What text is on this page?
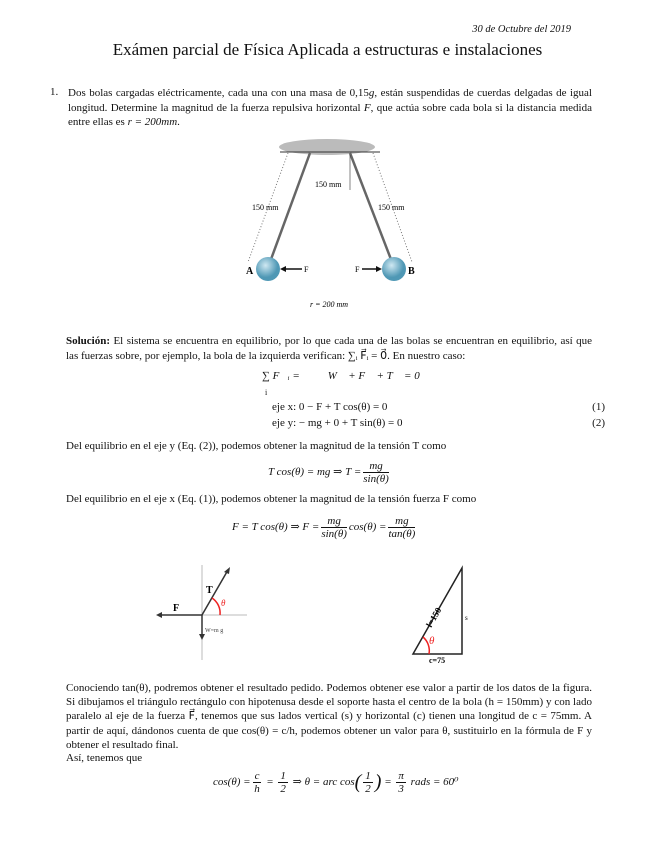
30 de Octubre del 2019
Exámen parcial de Física Aplicada a estructuras e instalaciones
1. Dos bolas cargadas eléctricamente, cada una con una masa de 0,15g, están suspendidas de cuerdas delgadas de igual longitud. Determine la magnitud de la fuerza repulsiva horizontal F, que actúa sobre cada bola si la distancia medida entre ellas es r = 200mm.
150 mm
150 mm	150 mm
A	B
F	F
r = 200 mm
Solución: El sistema se encuentra en equilibrio, por lo que cada una de las bolas se encuentran en equilibrio, así que las fuerzas sobre, por ejemplo, la bola de la izquierda verifican: ∑ᵢ F⃗ᵢ = 0⃗. En nuestro caso:
∑ F⃗ᵢ =	W⃗ + F⃗ + T⃗ = 0⃗
i
eje x: 0 − F + T cos(θ) = 0	(1)
eje y: − mg + 0 + T sin(θ) = 0	(2)
Del equilibrio en el eje y (Eq. (2)), podemos obtener la magnitud de la tensión T como
T cos(θ) = mg ⇒ $T = \frac{mg}{\sin(\theta)}$
Del equilibrio en el eje x (Eq. (1)), podemos obtener la magnitud de la tensión fuerza F como
F = T cos(θ) ⇒ $F = \frac{mg}{\sin(\theta)} \cos(\theta) = \frac{mg}{\tan(\theta)}$
F
T
θ
W=m g
θ
l=150	s
c=75
Conociendo tan(θ), podremos obtener el resultado pedido. Podemos obtener ese valor a partir de los datos de la figura. Si dibujamos el triángulo rectángulo con hipotenusa desde el soporte hasta el centro de la bola (h = 150mm) y con lado paralelo al eje de la fuerza F⃗, tenemos que sus lados vertical (s) y horizontal (c) tienen una longitud de c = 75mm. A partir de aquí, dándonos cuenta de que cos(θ) = c/h, podemos obtener un valor para θ, sustituirlo en la fórmula de F y obtener el resultado final.
Así, tenemos que
$\cos(\theta) = \frac{c}{h} = \frac{1}{2}$ ⇒ θ = arc $\cos( \frac{1}{2}$ ) = $\frac{\pi}{3}$ rads = 60⁰
